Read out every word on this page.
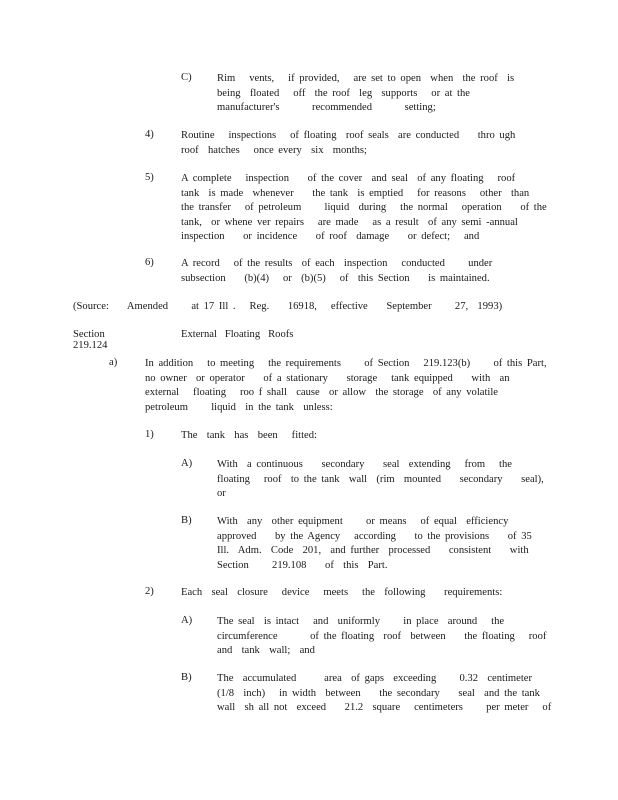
C) Rim   vents,   if provided,   are set to open  when  the roof  is
being  floated   off  the roof  leg  supports   or at the
manufacturer's       recommended       setting;
4)	Routine   inspections   of floating  roof seals  are conducted    thro ugh
roof  hatches   once every  six  months;
5)	A complete   inspection    of the cover  and seal  of any floating   roof
tank  is made  whenever    the tank  is emptied   for reasons   other  than
the transfer   of petroleum     liquid  during   the normal   operation    of the
tank,  or whene ver repairs   are made   as a result  of any semi -annual
inspection    or incidence    of roof  damage    or defect;   and
6)	A record   of the results  of each  inspection   conducted     under
subsection    (b)(4)   or  (b)(5)   of  this Section    is maintained.
(Source:    Amended     at 17 Ill .   Reg.    16918,   effective    September     27,  1993)
Section 219.124
External   Floating   Roofs
a)	In addition   to meeting   the requirements     of Section   219.123(b)     of this Part,
no owner  or operator    of a stationary    storage   tank equipped    with  an
external   floating   roo f shall  cause  or allow  the storage  of any volatile
petroleum     liquid  in the tank  unless:
1)	The  tank  has  been   fitted:
A) With  a continuous    secondary    seal  extending   from   the
floating   roof  to the tank  wall  (rim  mounted    secondary    seal),
or
B) With  any  other equipment     or means   of equal  efficiency
approved    by the Agency   according    to the provisions    of 35
Ill.  Adm.  Code  201,  and further  processed    consistent    with
Section     219.108    of  this  Part.
2)	Each  seal  closure   device   meets   the  following    requirements:
A) The seal  is intact   and  uniformly     in place  around   the
circumference       of the floating  roof  between    the floating   roof
and  tank  wall;  and
B) The  accumulated      area  of gaps  exceeding     0.32  centimeter
(1/8  inch)   in width  between    the secondary    seal  and the tank
wall  sh all not  exceed    21.2  square   centimeters     per meter   of
